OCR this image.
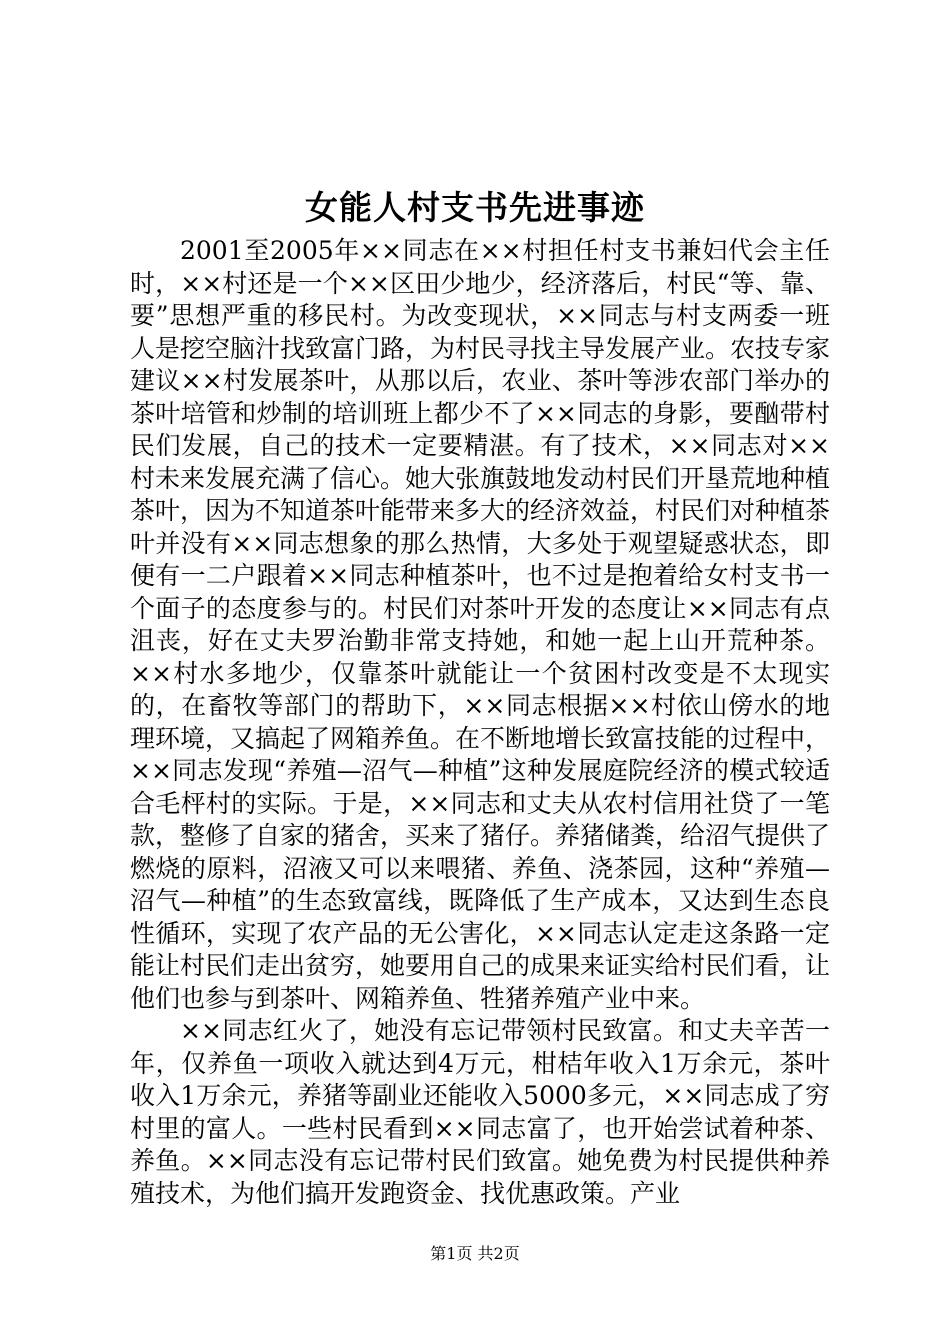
女能人村支书先进事迹

2001至2005年××同志在××村担任村支书兼妇代会主任时，××村还是一个××区田少地少，经济落后，村民“等、靠、要”思想严重的移民村。为改变现状，××同志与村支两委一班人是挖空脑汁找致富门路，为村民寻找主导发展产业。农技专家建议××村发展茶叶，从那以后，农业、茶叶等涉农部门举办的茶叶培管和炒制的培训班上都少不了××同志的身影，要酗带村民们发展，自己的技术一定要精湛。有了技术，××同志对××村未来发展充满了信心。她大张旗鼓地发动村民们开垦荒地种植茶叶，因为不知道茶叶能带来多大的经济效益，村民们对种植茶叶并没有××同志想象的那么热情，大多处于观望疑惑状态，即便有一二户跟着××同志种植茶叶，也不过是抱着给女村支书一个面子的态度参与的。村民们对茶叶开发的态度让××同志有点沮丧，好在丈夫罗治勤非常支持她，和她一起上山开荒种茶。××村水多地少，仅靠茶叶就能让一个贫困村改变是不太现实的，在畜牧等部门的帮助下，××同志根据××村依山傍水的地理环境，又搞起了网箱养鱼。在不断地增长致富技能的过程中，××同志发现“养殖—沼气—种植”这种发展庭院经济的模式较适合毛枰村的实际。于是，××同志和丈夫从农村信用社贷了一笔款，整修了自家的猪舍，买来了猪仔。养猪储粪，给沼气提供了燃烧的原料，沼液又可以来喂猪、养鱼、浇茶园，这种“养殖—沼气—种植”的生态致富线，既降低了生产成本，又达到生态良性循环，实现了农产品的无公害化，××同志认定走这条路一定能让村民们走出贫穷，她要用自己的成果来证实给村民们看，让他们也参与到茶叶、网箱养鱼、牲猪养殖产业中来。

××同志红火了，她没有忘记带领村民致富。和丈夫辛苦一年，仅养鱼一项收入就达到4万元，柑桔年收入1万余元，茶叶收入1万余元，养猪等副业还能收入5000多元，××同志成了穷村里的富人。一些村民看到××同志富了，也开始尝试着种茶、养鱼。××同志没有忘记带村民们致富。她免费为村民提供种养殖技术，为他们搞开发跑资金、找优惠政策。产业

第1页 共2页
